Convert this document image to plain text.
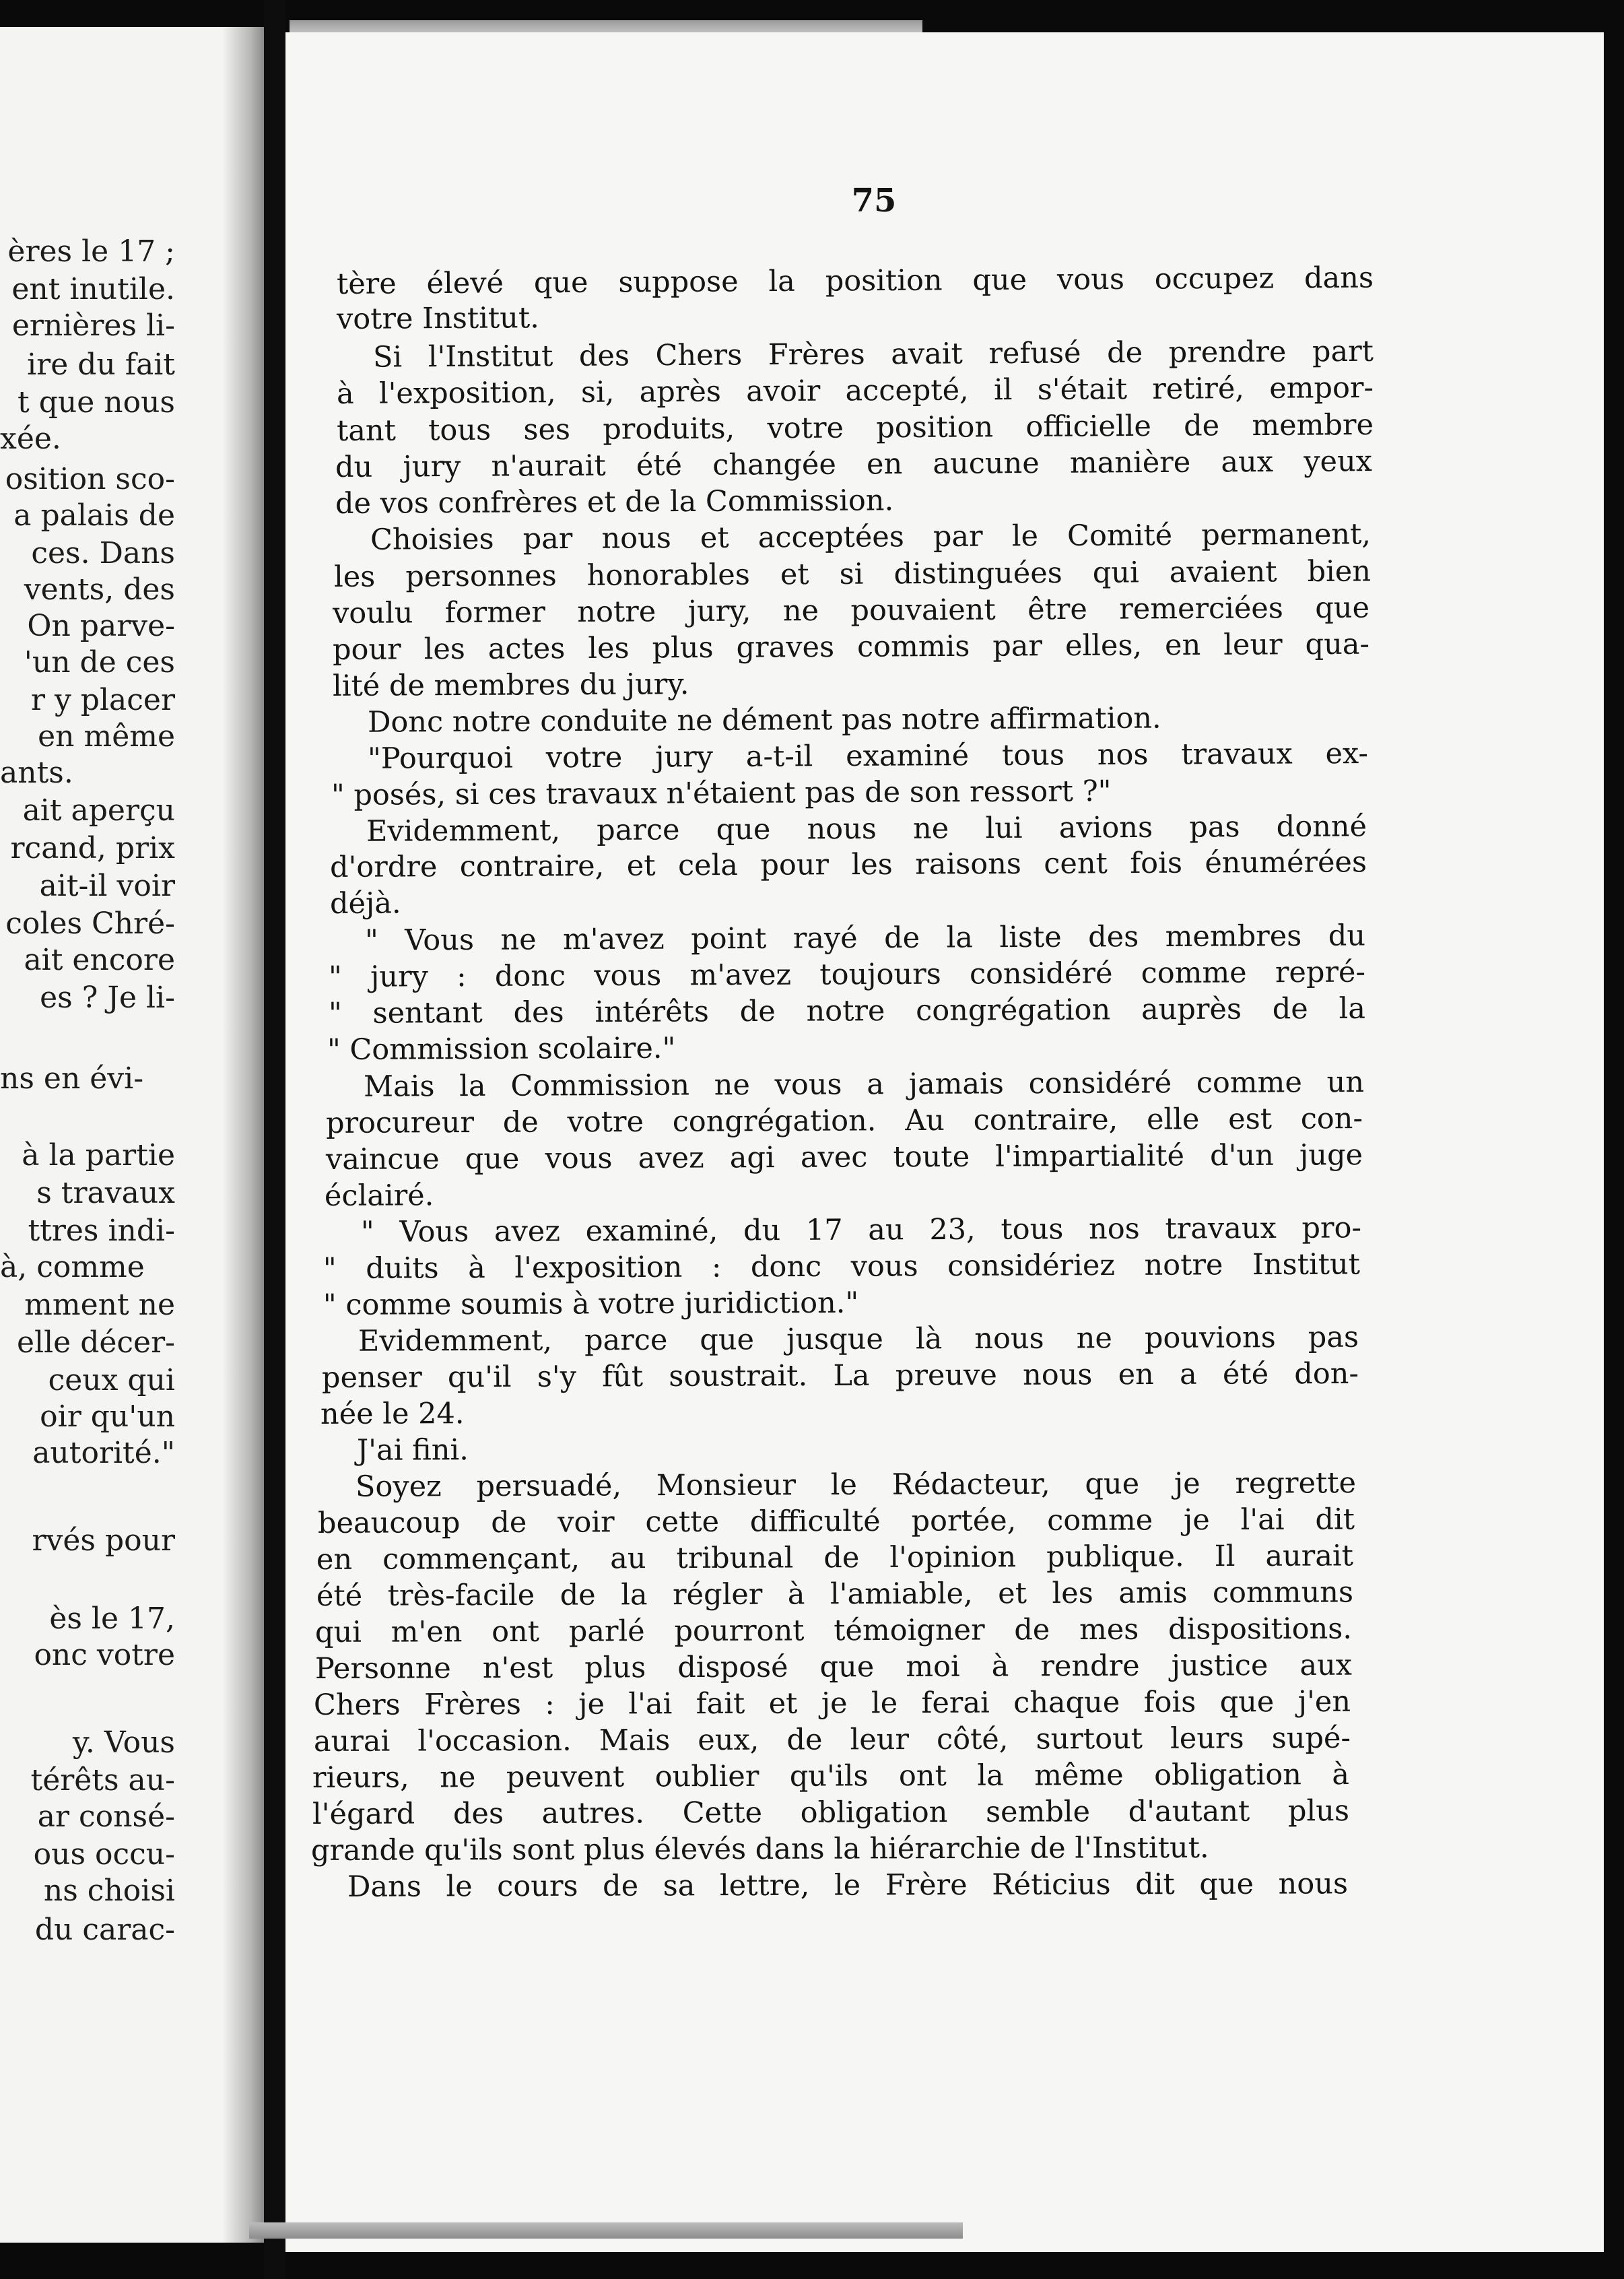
ères le 17 ;
ent inutile.
ernières li-
ire du fait
t que nous
xée.
osition sco-
a palais de
ces. Dans
vents, des
On parve-
'un de ces
r y placer
en même
ants.
ait aperçu
rcand, prix
ait-il voir
coles Chré-
ait encore
es ? Je li-
ns en évi-
à la partie
s travaux
ttres indi-
à, comme
mment ne
elle décer-
ceux qui
oir qu'un
autorité."
rvés pour
ès le 17,
onc votre
y. Vous
térêts au-
ar consé-
ous occu-
ns choisi
du carac-
75
tère élevé que suppose la position que vous occupez dans
votre Institut.
Si l'Institut des Chers Frères avait refusé de prendre part
à l'exposition, si, après avoir accepté, il s'était retiré, empor-
tant tous ses produits, votre position officielle de membre
du jury n'aurait été changée en aucune manière aux yeux
de vos confrères et de la Commission.
Choisies par nous et acceptées par le Comité permanent,
les personnes honorables et si distinguées qui avaient bien
voulu former notre jury, ne pouvaient être remerciées que
pour les actes les plus graves commis par elles, en leur qua-
lité de membres du jury.
Donc notre conduite ne dément pas notre affirmation.
"Pourquoi votre jury a-t-il examiné tous nos travaux ex-
" posés, si ces travaux n'étaient pas de son ressort ?"
Evidemment, parce que nous ne lui avions pas donné
d'ordre contraire, et cela pour les raisons cent fois énumérées
déjà.
" Vous ne m'avez point rayé de la liste des membres du
" jury : donc vous m'avez toujours considéré comme repré-
" sentant des intérêts de notre congrégation auprès de la
" Commission scolaire."
Mais la Commission ne vous a jamais considéré comme un
procureur de votre congrégation. Au contraire, elle est con-
vaincue que vous avez agi avec toute l'impartialité d'un juge
éclairé.
" Vous avez examiné, du 17 au 23, tous nos travaux pro-
" duits à l'exposition : donc vous considériez notre Institut
" comme soumis à votre juridiction."
Evidemment, parce que jusque là nous ne pouvions pas
penser qu'il s'y fût soustrait. La preuve nous en a été don-
née le 24.
J'ai fini.
Soyez persuadé, Monsieur le Rédacteur, que je regrette
beaucoup de voir cette difficulté portée, comme je l'ai dit
en commençant, au tribunal de l'opinion publique. Il aurait
été très-facile de la régler à l'amiable, et les amis communs
qui m'en ont parlé pourront témoigner de mes dispositions.
Personne n'est plus disposé que moi à rendre justice aux
Chers Frères : je l'ai fait et je le ferai chaque fois que j'en
aurai l'occasion. Mais eux, de leur côté, surtout leurs supé-
rieurs, ne peuvent oublier qu'ils ont la même obligation à
l'égard des autres. Cette obligation semble d'autant plus
grande qu'ils sont plus élevés dans la hiérarchie de l'Institut.
Dans le cours de sa lettre, le Frère Réticius dit que nous
